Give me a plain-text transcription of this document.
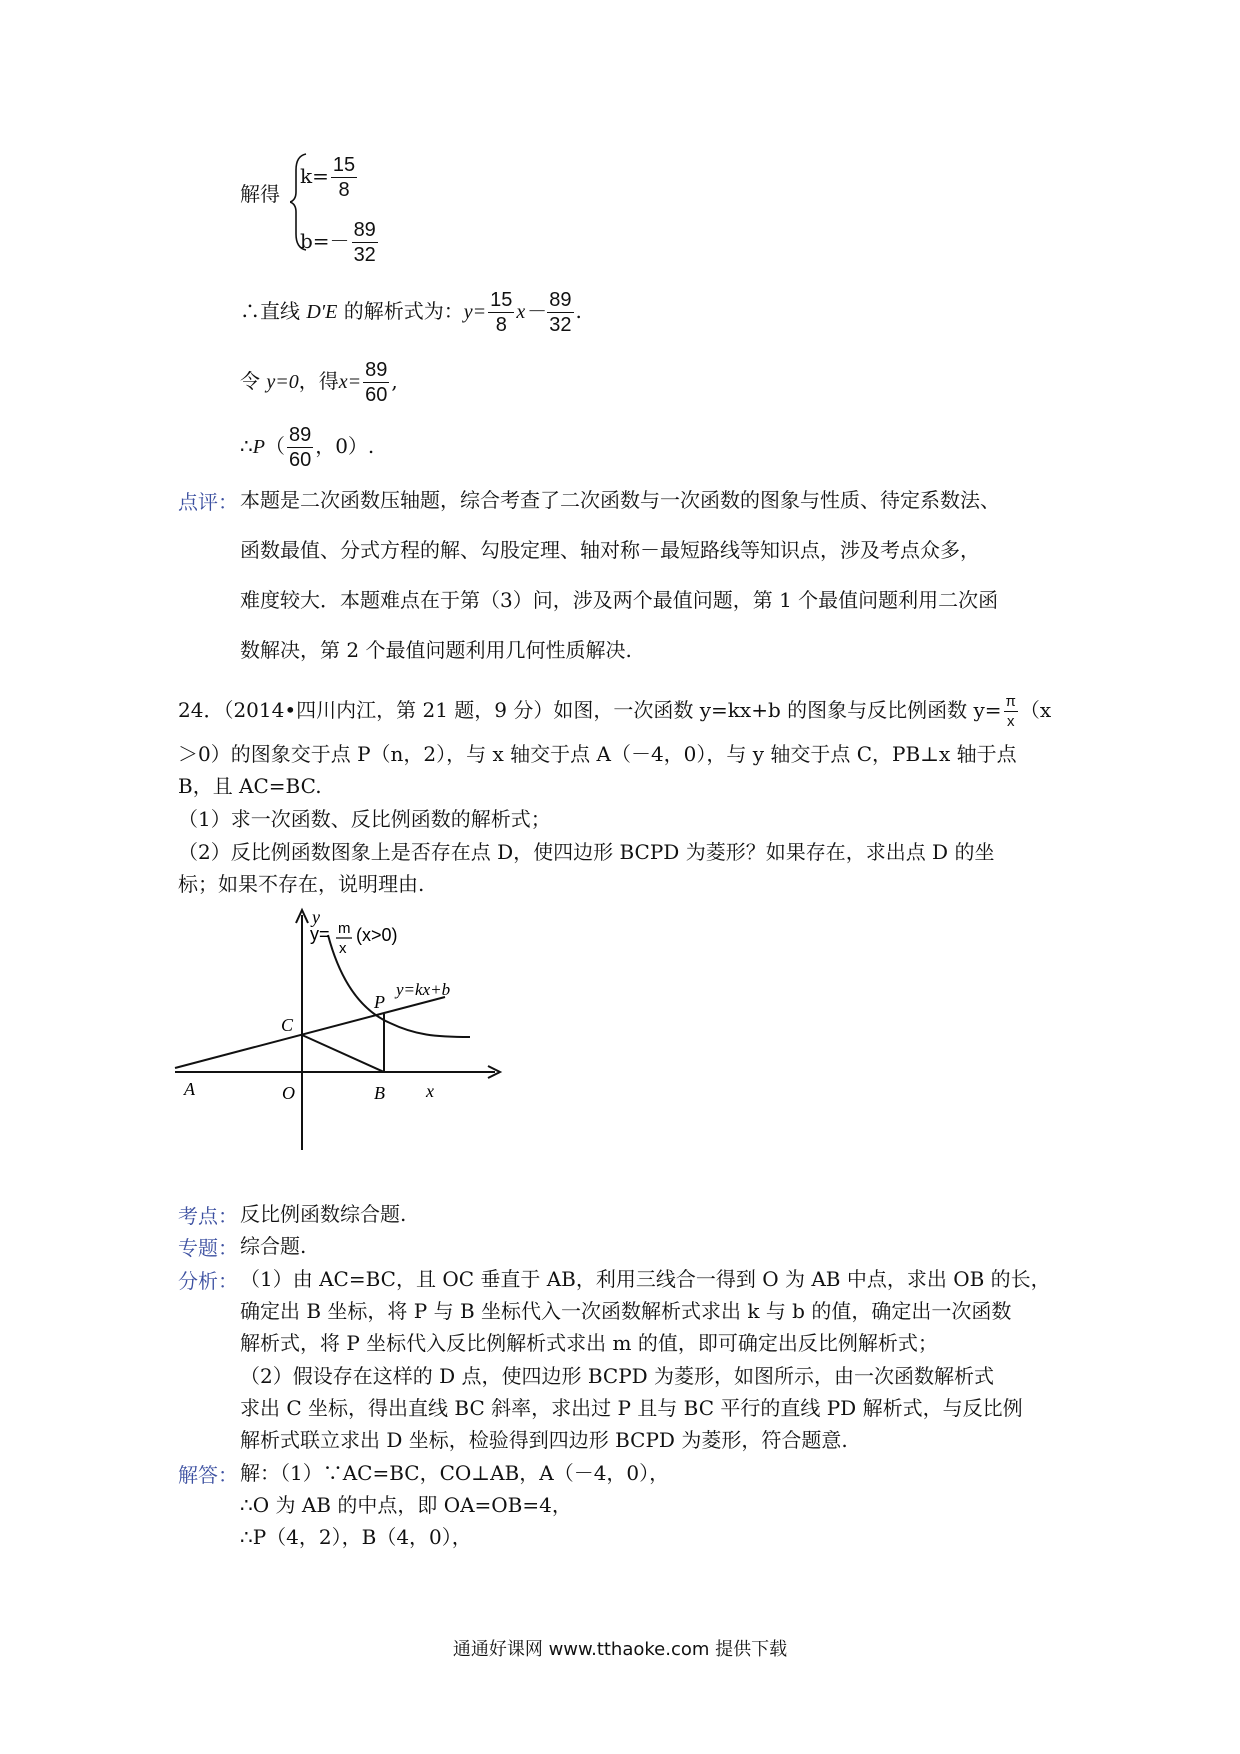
解得
$k= \frac{15}{8}$
$b=- \frac{89}{32}$
∴直线 D′E 的解析式为：$y= \frac{15}{8} x- \frac{89}{32}$ .
令 y=0，得$x= \frac{89}{60}$ ,
∴P（ $\frac{89}{60}$ ，0）.
点评： 本题是二次函数压轴题，综合考查了二次函数与一次函数的图象与性质、待定系数法、
函数最值、分式方程的解、勾股定理、轴对称－最短路线等知识点，涉及考点众多，
难度较大．本题难点在于第（3）问，涉及两个最值问题，第 1 个最值问题利用二次函
数解决，第 2 个最值问题利用几何性质解决.
24．（2014•四川内江，第 21 题，9 分）如图，一次函数 y=kx+b 的图象与反比例函数 $y= \frac{\pi}{x} (x$
＞0）的图象交于点 P（n，2），与 x 轴交于点 A（－4，0），与 y 轴交于点 C，PB⊥x 轴于点
B，且 AC=BC.
（1）求一次函数、反比例函数的解析式；
（2）反比例函数图象上是否存在点 D，使四边形 BCPD 为菱形？如果存在，求出点 D 的坐
标；如果不存在，说明理由.
y= m
x
(x>0)
y=kx+b
y
x
A	O	B
C
P
考点： 反比例函数综合题.
专题： 综合题.
分析： （1）由 AC=BC，且 OC 垂直于 AB，利用三线合一得到 O 为 AB 中点，求出 OB 的长，
确定出 B 坐标，将 P 与 B 坐标代入一次函数解析式求出 k 与 b 的值，确定出一次函数
解析式，将 P 坐标代入反比例解析式求出 m 的值，即可确定出反比例解析式；
（2）假设存在这样的 D 点，使四边形 BCPD 为菱形，如图所示，由一次函数解析式
求出 C 坐标，得出直线 BC 斜率，求出过 P 且与 BC 平行的直线 PD 解析式，与反比例
解析式联立求出 D 坐标，检验得到四边形 BCPD 为菱形，符合题意.
解答： 解：（1）∵AC=BC，CO⊥AB，A（－4，0），
∴O 为 AB 的中点，即 OA=OB=4，
∴P（4，2），B（4，0），
通通好课网 www.tthaoke.com 提供下载
